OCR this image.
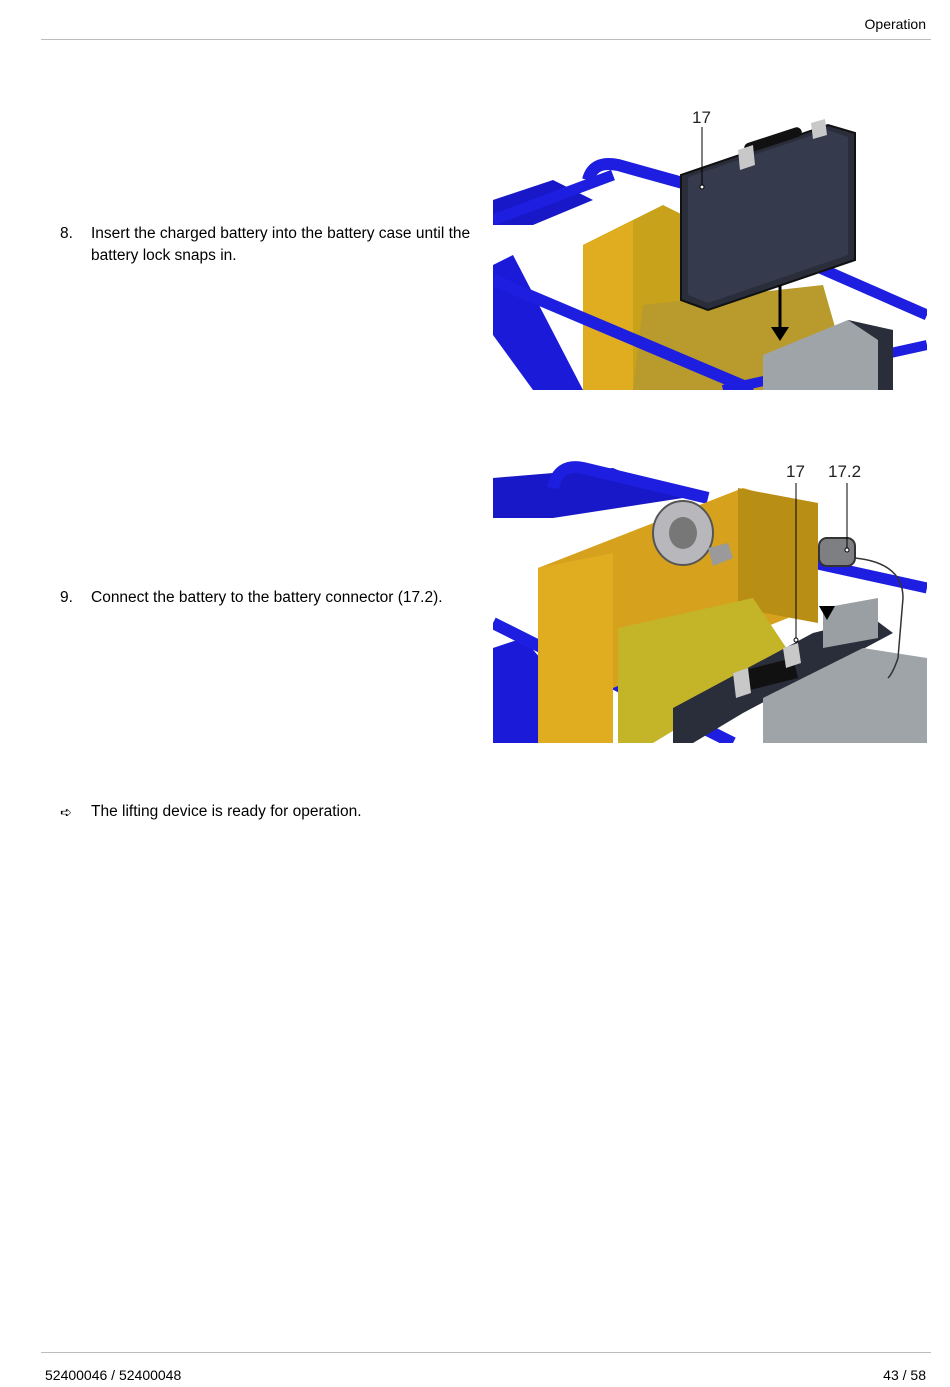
Operation
8.	Insert the charged battery into the battery case until the battery lock snaps in.
17
9.	Connect the battery to the battery connector (17.2).
17 17.2
➪	The lifting device is ready for operation.
52400046 / 52400048	43 / 58
